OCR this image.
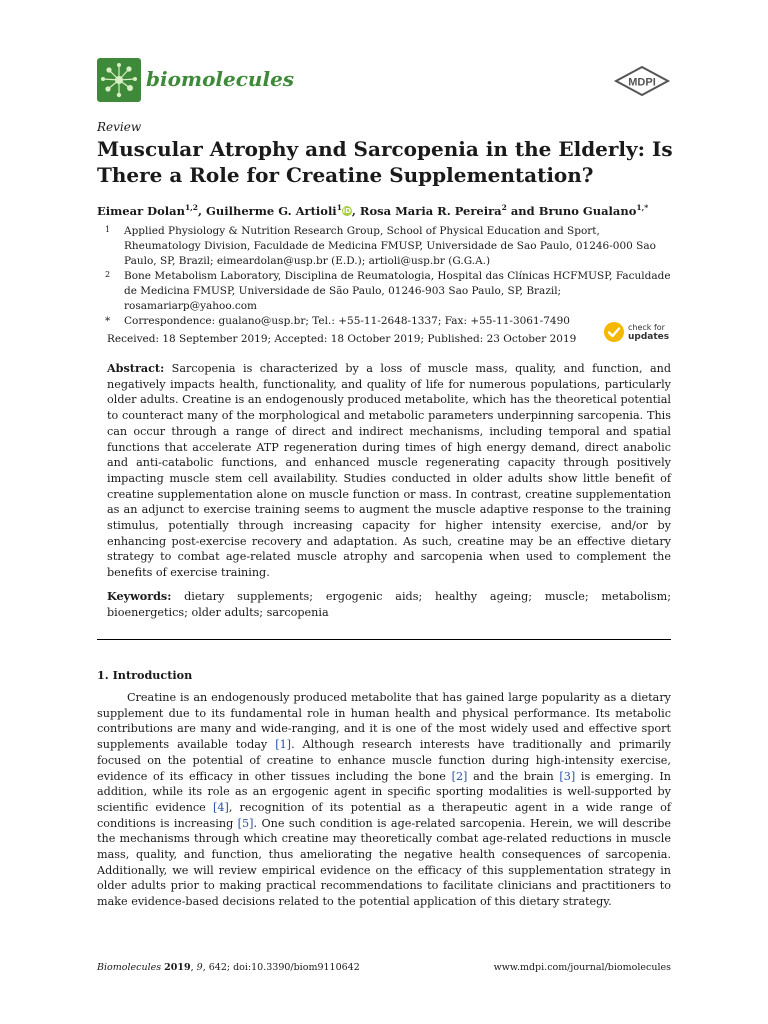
biomolecules	MDPI
Review
Muscular Atrophy and Sarcopenia in the Elderly: Is There a Role for Creatine Supplementation?
Eimear Dolan$^{1,2}$, Guilherme G. Artioli$^1$iD, Rosa Maria R. Pereira$^2$ and Bruno Gualano$^{1,*}$
1 Applied Physiology & Nutrition Research Group, School of Physical Education and Sport, Rheumatology Division, Faculdade de Medicina FMUSP, Universidade de Sao Paulo, 01246-000 Sao Paulo, SP, Brazil; eimeardolan@usp.br (E.D.); artioli@usp.br (G.G.A.)
2 Bone Metabolism Laboratory, Disciplina de Reumatologia, Hospital das Clínicas HCFMUSP, Faculdade de Medicina FMUSP, Universidade de São Paulo, 01246-903 Sao Paulo, SP, Brazil; rosamariarp@yahoo.com
* Correspondence: gualano@usp.br; Tel.: +55-11-2648-1337; Fax: +55-11-3061-7490
Received: 18 September 2019; Accepted: 18 October 2019; Published: 23 October 2019
check for
updates

Abstract: Sarcopenia is characterized by a loss of muscle mass, quality, and function, and negatively impacts health, functionality, and quality of life for numerous populations, particularly older adults. Creatine is an endogenously produced metabolite, which has the theoretical potential to counteract many of the morphological and metabolic parameters underpinning sarcopenia. This can occur through a range of direct and indirect mechanisms, including temporal and spatial functions that accelerate ATP regeneration during times of high energy demand, direct anabolic and anti-catabolic functions, and enhanced muscle regenerating capacity through positively impacting muscle stem cell availability. Studies conducted in older adults show little benefit of creatine supplementation alone on muscle function or mass. In contrast, creatine supplementation as an adjunct to exercise training seems to augment the muscle adaptive response to the training stimulus, potentially through increasing capacity for higher intensity exercise, and/or by enhancing post-exercise recovery and adaptation. As such, creatine may be an effective dietary strategy to combat age-related muscle atrophy and sarcopenia when used to complement the benefits of exercise training.

Keywords: dietary supplements; ergogenic aids; healthy ageing; muscle; metabolism; bioenergetics; older adults; sarcopenia

1. Introduction

Creatine is an endogenously produced metabolite that has gained large popularity as a dietary supplement due to its fundamental role in human health and physical performance. Its metabolic contributions are many and wide-ranging, and it is one of the most widely used and effective sport supplements available today [1]. Although research interests have traditionally and primarily focused on the potential of creatine to enhance muscle function during high-intensity exercise, evidence of its efficacy in other tissues including the bone [2] and the brain [3] is emerging. In addition, while its role as an ergogenic agent in specific sporting modalities is well-supported by scientific evidence [4], recognition of its potential as a therapeutic agent in a wide range of conditions is increasing [5]. One such condition is age-related sarcopenia. Herein, we will describe the mechanisms through which creatine may theoretically combat age-related reductions in muscle mass, quality, and function, thus ameliorating the negative health consequences of sarcopenia. Additionally, we will review empirical evidence on the efficacy of this supplementation strategy in older adults prior to making practical recommendations to facilitate clinicians and practitioners to make evidence-based decisions related to the potential application of this dietary strategy.

Biomolecules 2019, 9, 642; doi:10.3390/biom9110642	www.mdpi.com/journal/biomolecules
